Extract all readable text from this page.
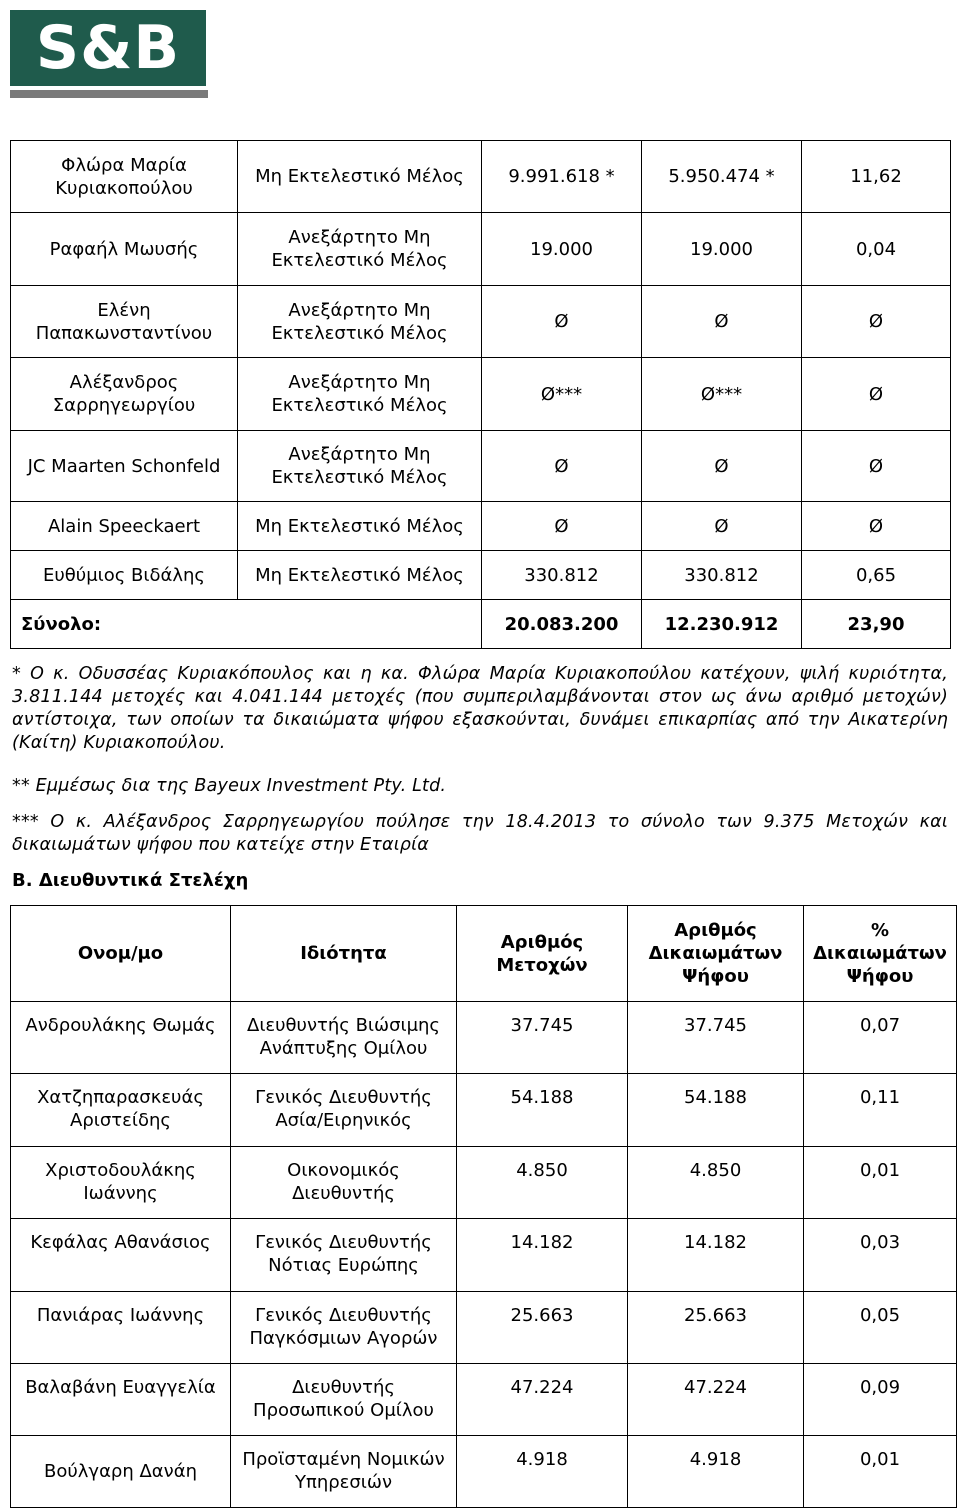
S&B
Φλώρα Μαρία Κυριακοπούλου	Μη Εκτελεστικό Μέλος	9.991.618 *	5.950.474 *	11,62
Ραφαήλ Μωυσής	Ανεξάρτητο Μη Εκτελεστικό Μέλος	19.000	19.000	0,04
Ελένη Παπακωνσταντίνου	Ανεξάρτητο Μη Εκτελεστικό Μέλος	Ø	Ø	Ø
Αλέξανδρος Σαρρηγεωργίου	Ανεξάρτητο Μη Εκτελεστικό Μέλος	Ø***	Ø***	Ø
JC Maarten Schonfeld	Ανεξάρτητο Μη Εκτελεστικό Μέλος	Ø	Ø	Ø
Alain Speeckaert	Μη Εκτελεστικό Μέλος	Ø	Ø	Ø
Ευθύμιος Βιδάλης	Μη Εκτελεστικό Μέλος	330.812	330.812	0,65
Σύνολο:		20.083.200	12.230.912	23,90
* Ο κ. Οδυσσέας Κυριακόπουλος και η κα. Φλώρα Μαρία Κυριακοπούλου κατέχουν, ψιλή κυριότητα,
3.811.144 μετοχές και 4.041.144 μετοχές (που συμπεριλαμβάνονται στον ως άνω αριθμό μετοχών)
αντίστοιχα, των οποίων τα δικαιώματα ψήφου εξασκούνται, δυνάμει επικαρπίας από την Αικατερίνη
(Καίτη) Κυριακοπούλου.
** Εμμέσως δια της Bayeux Investment Pty. Ltd.
*** Ο κ. Αλέξανδρος Σαρρηγεωργίου πούλησε την 18.4.2013 το σύνολο των 9.375 Μετοχών και
δικαιωμάτων ψήφου που κατείχε στην Εταιρία
Β. Διευθυντικά Στελέχη
Ονομ/μο	Ιδιότητα	Αριθμός Μετοχών	Αριθμός Δικαιωμάτων Ψήφου	% Δικαιωμάτων Ψήφου
Ανδρουλάκης Θωμάς	Διευθυντής Βιώσιμης Ανάπτυξης Ομίλου	37.745	37.745	0,07
Χατζηπαρασκευάς Αριστείδης	Γενικός Διευθυντής Ασία/Ειρηνικός	54.188	54.188	0,11
Χριστοδουλάκης Ιωάννης	Οικονομικός Διευθυντής	4.850	4.850	0,01
Κεφάλας Αθανάσιος	Γενικός Διευθυντής Νότιας Ευρώπης	14.182	14.182	0,03
Πανιάρας Ιωάννης	Γενικός Διευθυντής Παγκόσμιων Αγορών	25.663	25.663	0,05
Βαλαβάνη Ευαγγελία	Διευθυντής Προσωπικού Ομίλου	47.224	47.224	0,09
Βούλγαρη Δανάη	Προϊσταμένη Νομικών Υπηρεσιών	4.918	4.918	0,01
